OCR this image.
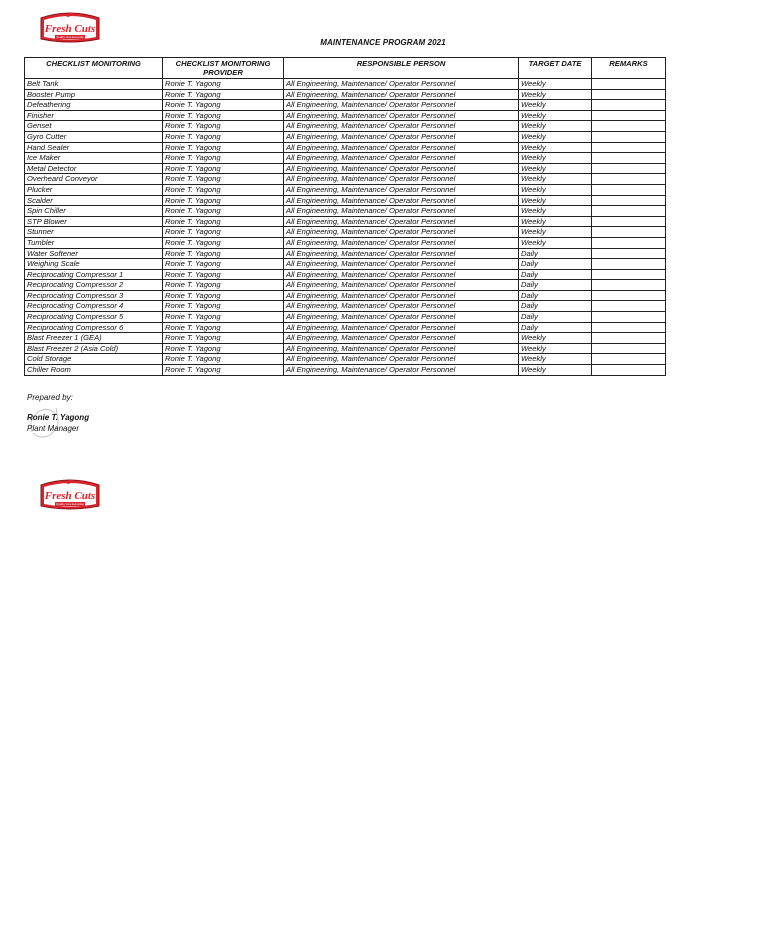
Fresh Cuts
Quality Cuts Everyday
MAINTENANCE PROGRAM 2021
CHECKLIST MONITORING	CHECKLIST MONITORING PROVIDER	RESPONSIBLE PERSON	TARGET DATE	REMARKS
Belt Tank	Ronie T. Yagong	All Engineering, Maintenance/ Operator Personnel	Weekly	
Booster Pump	Ronie T. Yagong	All Engineering, Maintenance/ Operator Personnel	Weekly	
Defeathering	Ronie T. Yagong	All Engineering, Maintenance/ Operator Personnel	Weekly	
Finisher	Ronie T. Yagong	All Engineering, Maintenance/ Operator Personnel	Weekly	
Genset	Ronie T. Yagong	All Engineering, Maintenance/ Operator Personnel	Weekly	
Gyro Cutter	Ronie T. Yagong	All Engineering, Maintenance/ Operator Personnel	Weekly	
Hand Sealer	Ronie T. Yagong	All Engineering, Maintenance/ Operator Personnel	Weekly	
Ice Maker	Ronie T. Yagong	All Engineering, Maintenance/ Operator Personnel	Weekly	
Metal Detector	Ronie T. Yagong	All Engineering, Maintenance/ Operator Personnel	Weekly	
Overheard Conveyor	Ronie T. Yagong	All Engineering, Maintenance/ Operator Personnel	Weekly	
Plucker	Ronie T. Yagong	All Engineering, Maintenance/ Operator Personnel	Weekly	
Scalder	Ronie T. Yagong	All Engineering, Maintenance/ Operator Personnel	Weekly	
Spin Chiller	Ronie T. Yagong	All Engineering, Maintenance/ Operator Personnel	Weekly	
STP Blower	Ronie T. Yagong	All Engineering, Maintenance/ Operator Personnel	Weekly	
Stunner	Ronie T. Yagong	All Engineering, Maintenance/ Operator Personnel	Weekly	
Tumbler	Ronie T. Yagong	All Engineering, Maintenance/ Operator Personnel	Weekly	
Water Softener	Ronie T. Yagong	All Engineering, Maintenance/ Operator Personnel	Daily	
Weighing Scale	Ronie T. Yagong	All Engineering, Maintenance/ Operator Personnel	Daily	
Reciprocating Compressor 1	Ronie T. Yagong	All Engineering, Maintenance/ Operator Personnel	Daily	
Reciprocating Compressor 2	Ronie T. Yagong	All Engineering, Maintenance/ Operator Personnel	Daily	
Reciprocating Compressor 3	Ronie T. Yagong	All Engineering, Maintenance/ Operator Personnel	Daily	
Reciprocating Compressor 4	Ronie T. Yagong	All Engineering, Maintenance/ Operator Personnel	Daily	
Reciprocating Compressor 5	Ronie T. Yagong	All Engineering, Maintenance/ Operator Personnel	Daily	
Reciprocating Compressor 6	Ronie T. Yagong	All Engineering, Maintenance/ Operator Personnel	Daily	
Blast Freezer 1 (GEA)	Ronie T. Yagong	All Engineering, Maintenance/ Operator Personnel	Weekly	
Blast Freezer 2 (Asia Cold)	Ronie T. Yagong	All Engineering, Maintenance/ Operator Personnel	Weekly	
Cold Storage	Ronie T. Yagong	All Engineering, Maintenance/ Operator Personnel	Weekly	
Chiller Room	Ronie T. Yagong	All Engineering, Maintenance/ Operator Personnel	Weekly	
Prepared by:
Ronie T. Yagong
Plant Manager
Fresh Cuts
Quality Cuts Everyday
